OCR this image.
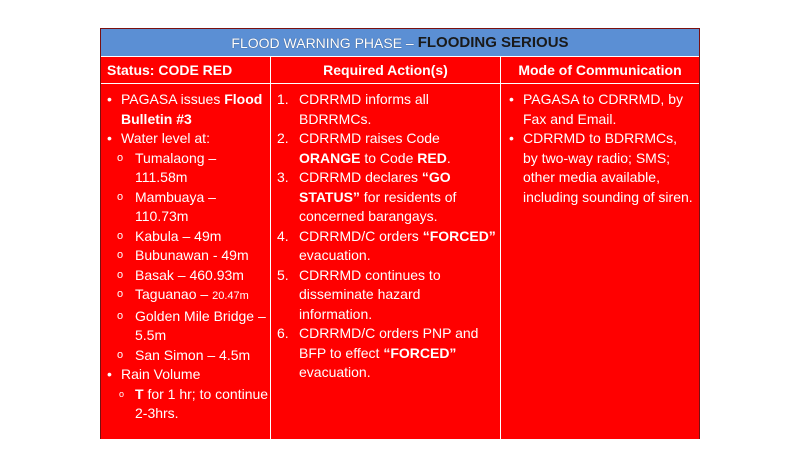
FLOOD WARNING PHASE – FLOODING SERIOUS
Status: CODE RED	Required Action(s)	Mode of Communication
• PAGASA issues Flood Bulletin #3
• Water level at:
o Tumalaong – 111.58m
o Mambuaya – 110.73m
o Kabula – 49m
o Bubunawan - 49m
o Basak – 460.93m
o Taguanao – 20.47m
o Golden Mile Bridge – 5.5m
o San Simon – 4.5m
• Rain Volume
o T for 1 hr; to continue 2-3hrs.
1. CDRRMD informs all BDRRMCs.
2. CDRRMD raises Code ORANGE to Code RED.
3. CDRRMD declares “GO STATUS” for residents of concerned barangays.
4. CDRRMD/C orders “FORCED” evacuation.
5. CDRRMD continues to disseminate hazard information.
6. CDRRMD/C orders PNP and BFP to effect “FORCED” evacuation.
• PAGASA to CDRRMD, by Fax and Email.
• CDRRMD to BDRRMCs, by two-way radio; SMS; other media available, including sounding of siren.
